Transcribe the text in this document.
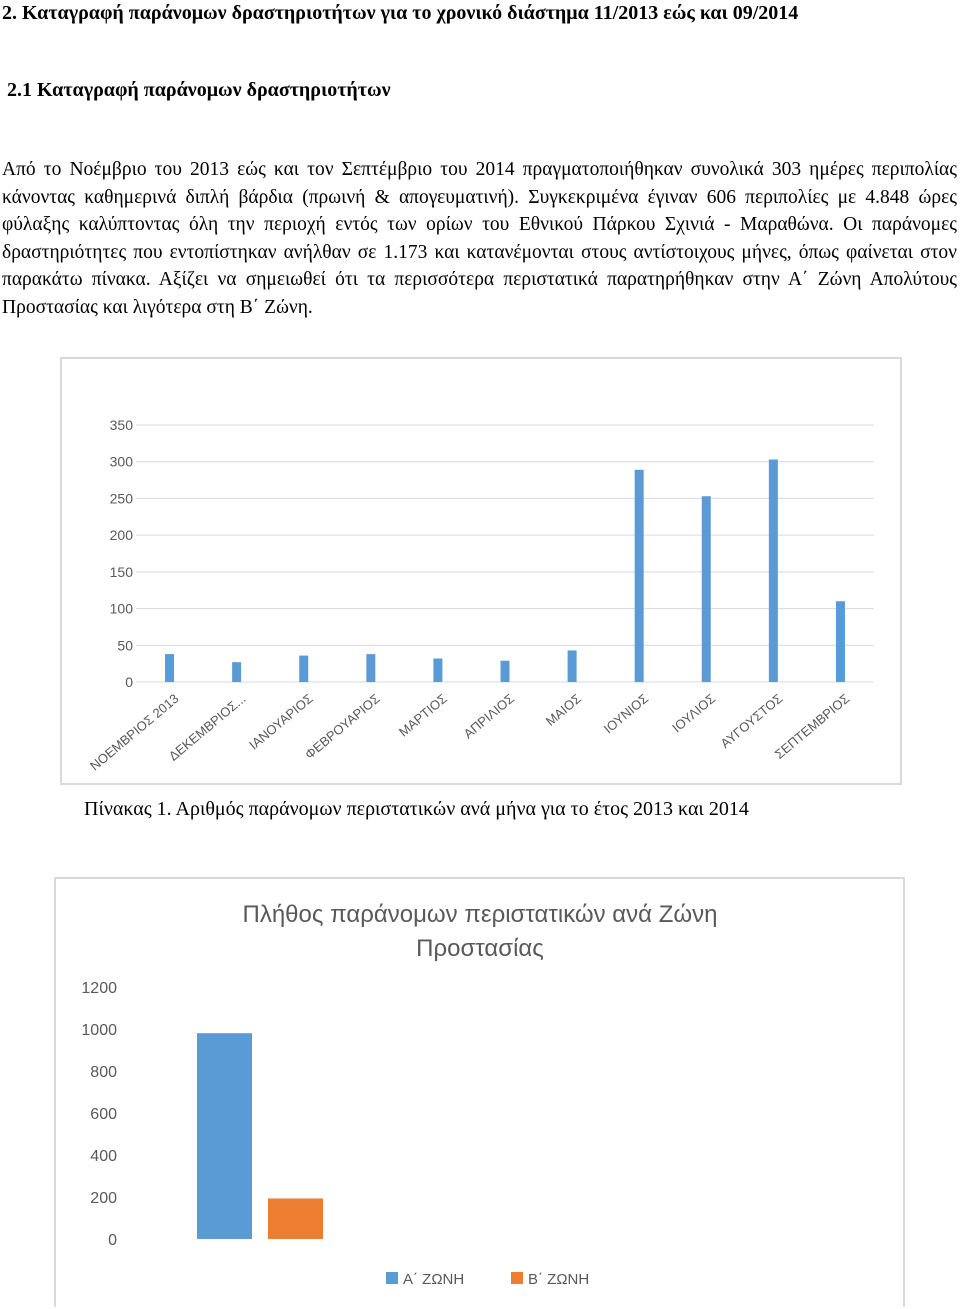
2. Καταγραφή παράνομων δραστηριοτήτων για το χρονικό διάστημα 11/2013 εώς και 09/2014
2.1 Καταγραφή παράνομων δραστηριοτήτων

Από το Νοέμβριο του 2013 εώς και τον Σεπτέμβριο του 2014 πραγματοποιήθηκαν συνολικά 303 ημέρες περιπολίας κάνοντας καθημερινά διπλή βάρδια (πρωινή & απογευματινή). Συγκεκριμένα έγιναν 606 περιπολίες με 4.848 ώρες φύλαξης καλύπτοντας όλη την περιοχή εντός των ορίων του Εθνικού Πάρκου Σχινιά - Μαραθώνα. Οι παράνομες δραστηριότητες που εντοπίστηκαν ανήλθαν σε 1.173 και κατανέμονται στους αντίστοιχους μήνες, όπως φαίνεται στον παρακάτω πίνακα. Αξίζει να σημειωθεί ότι τα περισσότερα περιστατικά παρατηρήθηκαν στην Α΄ Ζώνη Απολύτους Προστασίας και λιγότερα στη Β΄ Ζώνη.

0
50
100
150
200
250
300
350
ΝΟΕΜΒΡΙΟΣ 2013
ΔΕΚΕΜΒΡΙΟΣ...
ΙΑΝΟΥΑΡΙΟΣ
ΦΕΒΡΟΥΑΡΙΟΣ ΜΑΡΤΙΟΣ ΑΠΡΙΛΙΟΣ ΜΑΙΟΣ ΙΟΥΝΙΟΣ ΙΟΥΛΙΟΣ ΑΥΓΟΥΣΤΟΣ
ΣΕΠΤΕΜΒΡΙΟΣ
Πίνακας 1. Αριθμός παράνομων περιστατικών ανά μήνα για το έτος 2013 και 2014
Πλήθος παράνομων περιστατικών ανά Ζώνη
Προστασίας
0
200
400
600
800
1000
1200
Α΄ ΖΩΝΗ	Β΄ ΖΩΝΗ
